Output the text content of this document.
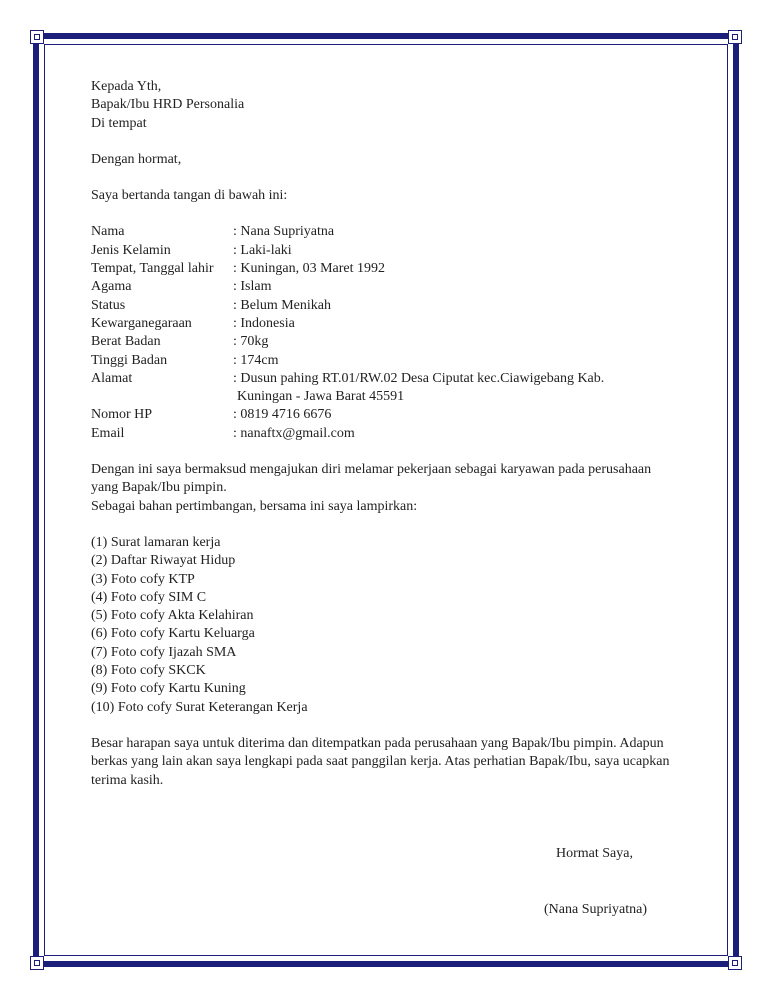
Kepada Yth,
Bapak/Ibu HRD Personalia
Di tempat
Dengan hormat,
Saya bertanda tangan di bawah ini:
Nama	: Nana Supriyatna
Jenis Kelamin	: Laki-laki
Tempat, Tanggal lahir	: Kuningan, 03 Maret 1992
Agama	: Islam
Status	: Belum Menikah
Kewarganegaraan	: Indonesia
Berat Badan	: 70kg
Tinggi Badan	: 174cm
Alamat	: Dusun pahing RT.01/RW.02 Desa Ciputat kec.Ciawigebang Kab.
Kuningan - Jawa Barat 45591
Nomor HP	: 0819 4716 6676
Email	: nanaftx@gmail.com
Dengan ini saya bermaksud mengajukan diri melamar pekerjaan sebagai karyawan pada perusahaan yang Bapak/Ibu pimpin.
Sebagai bahan pertimbangan, bersama ini saya lampirkan:
(1) Surat lamaran kerja
(2) Daftar Riwayat Hidup
(3) Foto cofy KTP
(4) Foto cofy SIM C
(5) Foto cofy Akta Kelahiran
(6) Foto cofy Kartu Keluarga
(7) Foto cofy Ijazah SMA
(8) Foto cofy SKCK
(9) Foto cofy Kartu Kuning
(10) Foto cofy Surat Keterangan Kerja
Besar harapan saya untuk diterima dan ditempatkan pada perusahaan yang Bapak/Ibu pimpin. Adapun berkas yang lain akan saya lengkapi pada saat panggilan kerja. Atas perhatian Bapak/Ibu, saya ucapkan terima kasih.
Hormat Saya,
(Nana Supriyatna)
